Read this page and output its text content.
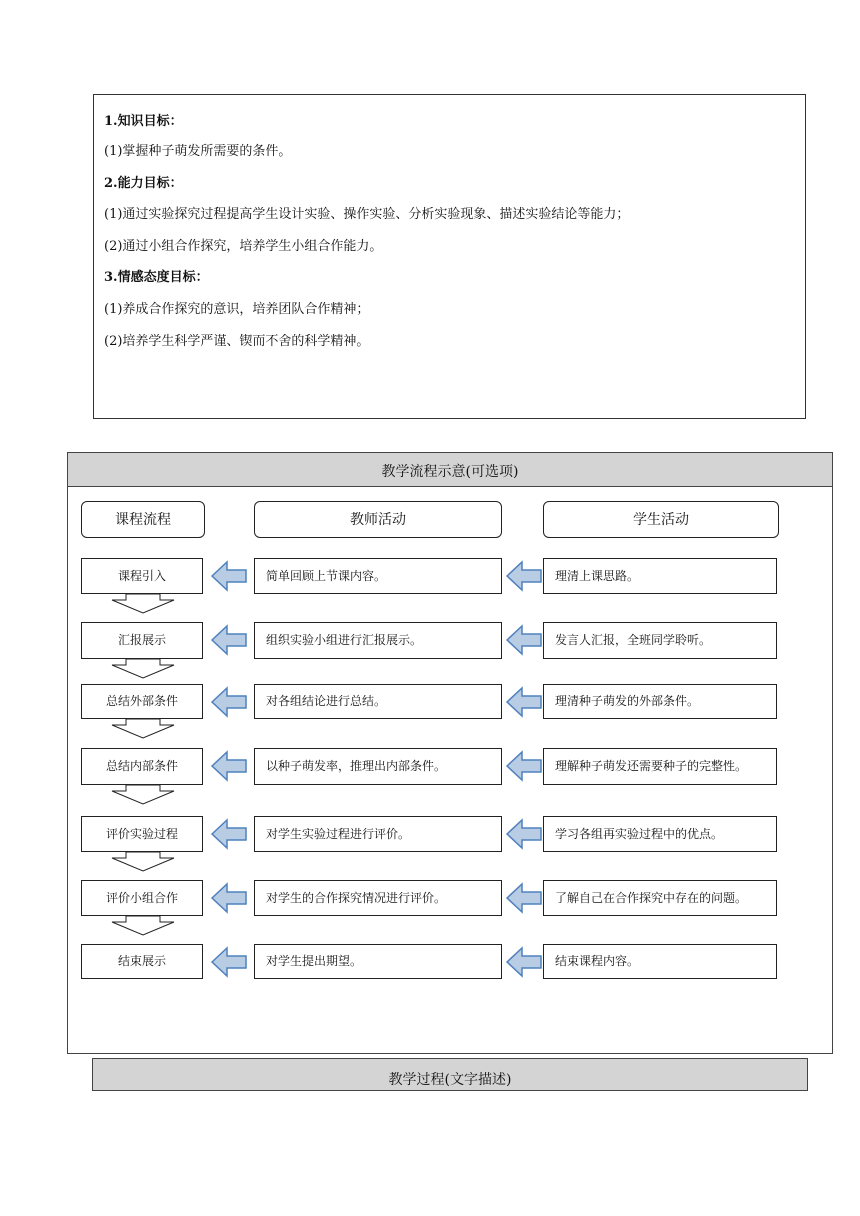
1.知识目标：
(1)掌握种子萌发所需要的条件。
2.能力目标：
(1)通过实验探究过程提高学生设计实验、操作实验、分析实验现象、描述实验结论等能力；
(2)通过小组合作探究，培养学生小组合作能力。
3.情感态度目标：
(1)养成合作探究的意识，培养团队合作精神；
(2)培养学生科学严谨、锲而不舍的科学精神。
教学流程示意(可选项)
课程流程	教师活动	学生活动
课程引入	简单回顾上节课内容。	理清上课思路。
汇报展示	组织实验小组进行汇报展示。	发言人汇报，全班同学聆听。
总结外部条件	对各组结论进行总结。	理清种子萌发的外部条件。
总结内部条件	以种子萌发率，推理出内部条件。	理解种子萌发还需要种子的完整性。
评价实验过程	对学生实验过程进行评价。	学习各组再实验过程中的优点。
评价小组合作	对学生的合作探究情况进行评价。	了解自己在合作探究中存在的问题。
结束展示	对学生提出期望。	结束课程内容。
教学过程(文字描述)
